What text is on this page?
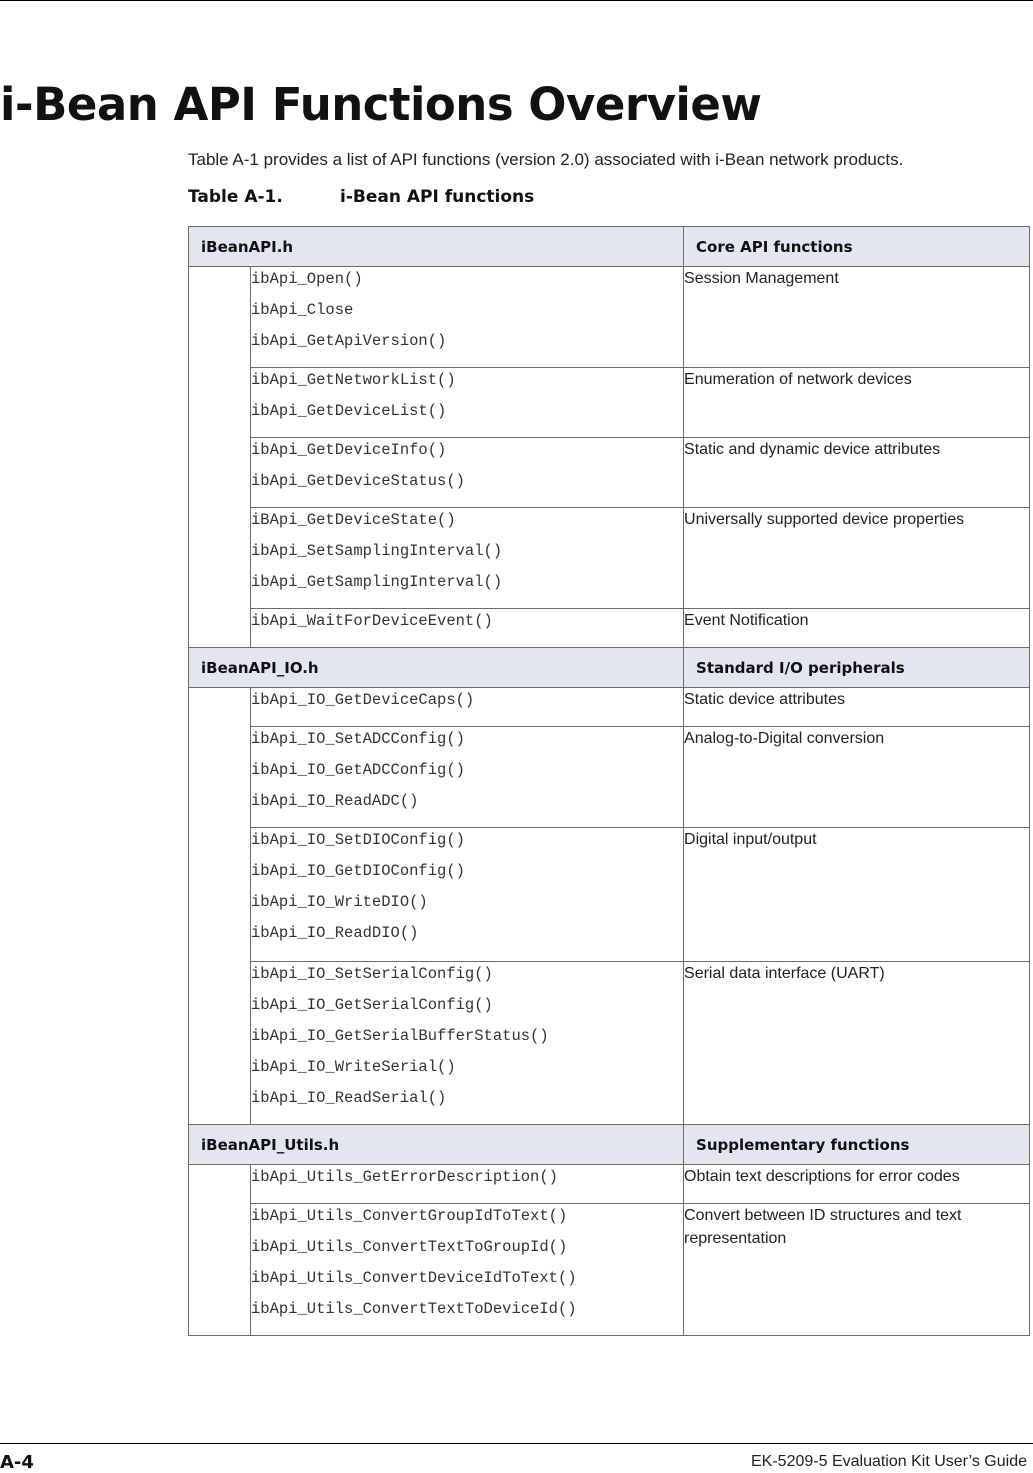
i-Bean API Functions Overview

Table A-1 provides a list of API functions (version 2.0) associated with i-Bean network products.

Table A-1.	i-Bean API functions

iBeanAPI.h		Core API functions

	ibApi_Open()
ibApi_Close
ibApi_GetApiVersion()	Session Management

	ibApi_GetNetworkList()
ibApi_GetDeviceList()	Enumeration of network devices

	ibApi_GetDeviceInfo()
ibApi_GetDeviceStatus()	Static and dynamic device attributes

	iBApi_GetDeviceState()
ibApi_SetSamplingInterval()
ibApi_GetSamplingInterval()	Universally supported device properties

	ibApi_WaitForDeviceEvent()	Event Notification
iBeanAPI_IO.h		Standard I/O peripherals

	ibApi_IO_GetDeviceCaps()	Static device attributes

	ibApi_IO_SetADCConfig()
ibApi_IO_GetADCConfig()
ibApi_IO_ReadADC()	Analog-to-Digital conversion

	ibApi_IO_SetDIOConfig()
ibApi_IO_GetDIOConfig()
ibApi_IO_WriteDIO()
ibApi_IO_ReadDIO()	Digital input/output

	ibApi_IO_SetSerialConfig()
ibApi_IO_GetSerialConfig()
ibApi_IO_GetSerialBufferStatus()
ibApi_IO_WriteSerial()
ibApi_IO_ReadSerial()	Serial data interface (UART)
iBeanAPI_Utils.h		Supplementary functions

	ibApi_Utils_GetErrorDescription()	Obtain text descriptions for error codes

	ibApi_Utils_ConvertGroupIdToText()
ibApi_Utils_ConvertTextToGroupId()
ibApi_Utils_ConvertDeviceIdToText()
ibApi_Utils_ConvertTextToDeviceId()	Convert between ID structures and text representation

A-4	EK-5209-5 Evaluation Kit User’s Guide
